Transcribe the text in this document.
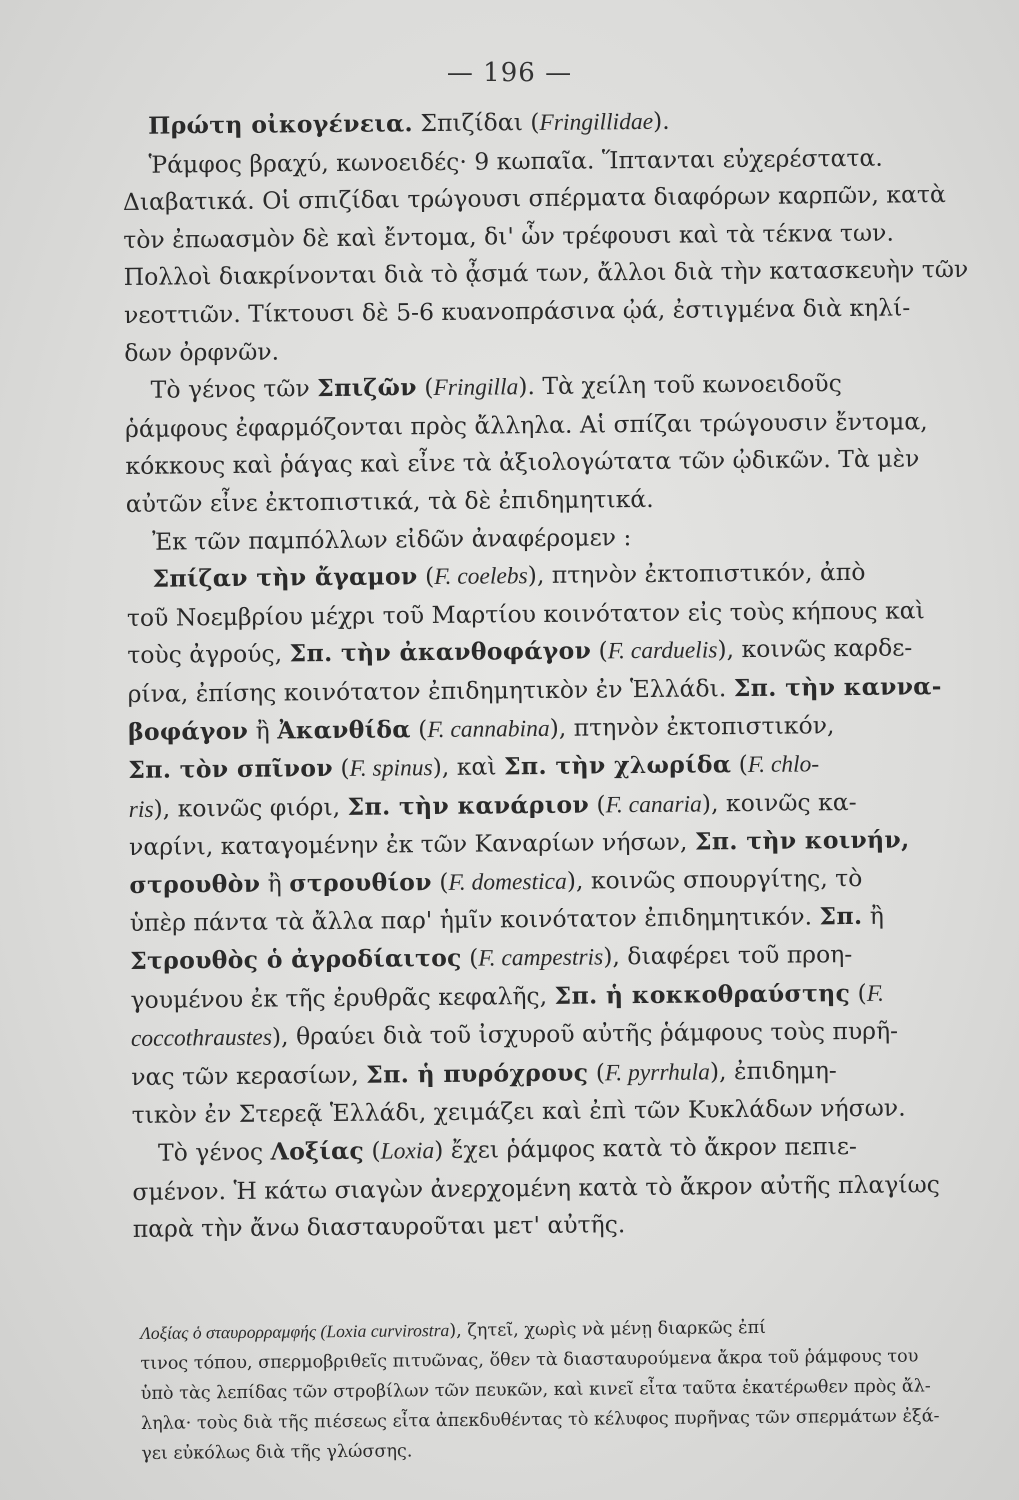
— 196 —
Πρώτη οἰκογένεια. Σπιζίδαι (Fringillidae).
Ῥάμφος βραχύ, κωνοειδές· 9 κωπαῖα. Ἵπτανται εὐχερέστατα.
Διαβατικά. Οἱ σπιζίδαι τρώγουσι σπέρματα διαφόρων καρπῶν, κατὰ
τὸν ἐπωασμὸν δὲ καὶ ἔντομα, δι' ὧν τρέφουσι καὶ τὰ τέκνα των.
Πολλοὶ διακρίνονται διὰ τὸ ᾆσμά των, ἄλλοι διὰ τὴν κατασκευὴν τῶν
νεοττιῶν. Τίκτουσι δὲ 5-6 κυανοπράσινα ᾠά, ἐστιγμένα διὰ κηλί-
δων ὀρφνῶν.
Τὸ γένος τῶν Σπιζῶν (Fringilla). Τὰ χείλη τοῦ κωνοειδοῦς
ῥάμφους ἐφαρμόζονται πρὸς ἄλληλα. Αἱ σπίζαι τρώγουσιν ἔντομα,
κόκκους καὶ ῥάγας καὶ εἶνε τὰ ἀξιολογώτατα τῶν ᾠδικῶν. Τὰ μὲν
αὐτῶν εἶνε ἐκτοπιστικά, τὰ δὲ ἐπιδημητικά.
Ἐκ τῶν παμπόλλων εἰδῶν ἀναφέρομεν :
Σπίζαν τὴν ἄγαμον (F. coelebs), πτηνὸν ἐκτοπιστικόν, ἀπὸ
τοῦ Νοεμβρίου μέχρι τοῦ Μαρτίου κοινότατον εἰς τοὺς κήπους καὶ
τοὺς ἀγρούς, Σπ. τὴν ἀκανθοφάγον (F. carduelis), κοινῶς καρδε-
ρίνα, ἐπίσης κοινότατον ἐπιδημητικὸν ἐν Ἑλλάδι. Σπ. τὴν καννα-
βοφάγον ἢ Ἀκανθίδα (F. cannabina), πτηνὸν ἐκτοπιστικόν,
Σπ. τὸν σπῖνον (F. spinus), καὶ Σπ. τὴν χλωρίδα (F. chlo-
ris), κοινῶς φιόρι, Σπ. τὴν κανάριον (F. canaria), κοινῶς κα-
ναρίνι, καταγομένην ἐκ τῶν Καναρίων νήσων, Σπ. τὴν κοινήν,
στρουθὸν ἢ στρουθίον (F. domestica), κοινῶς σπουργίτης, τὸ
ὑπὲρ πάντα τὰ ἄλλα παρ' ἡμῖν κοινότατον ἐπιδημητικόν. Σπ. ἢ
Στρουθὸς ὁ ἀγροδίαιτος (F. campestris), διαφέρει τοῦ προη-
γουμένου ἐκ τῆς ἐρυθρᾶς κεφαλῆς, Σπ. ἡ κοκκοθραύστης (F.
coccothraustes), θραύει διὰ τοῦ ἰσχυροῦ αὐτῆς ῥάμφους τοὺς πυρῆ-
νας τῶν κερασίων, Σπ. ἡ πυρόχρους (F. pyrrhula), ἐπιδημη-
τικὸν ἐν Στερεᾷ Ἑλλάδι, χειμάζει καὶ ἐπὶ τῶν Κυκλάδων νήσων.
Τὸ γένος Λοξίας (Loxia) ἔχει ῥάμφος κατὰ τὸ ἄκρον πεπιε-
σμένον. Ἡ κάτω σιαγὼν ἀνερχομένη κατὰ τὸ ἄκρον αὐτῆς πλαγίως
παρὰ τὴν ἄνω διασταυροῦται μετ' αὐτῆς.
Λοξίας ὁ σταυρορραμφής (Loxia curvirostra), ζητεῖ, χωρὶς νὰ μένῃ διαρκῶς ἐπί
τινος τόπου, σπερμοβριθεῖς πιτυῶνας, ὅθεν τὰ διασταυρούμενα ἄκρα τοῦ ῥάμφους του
ὑπὸ τὰς λεπίδας τῶν στροβίλων τῶν πευκῶν, καὶ κινεῖ εἶτα ταῦτα ἑκατέρωθεν πρὸς ἄλ-
ληλα· τοὺς διὰ τῆς πιέσεως εἶτα ἀπεκδυθέντας τὸ κέλυφος πυρῆνας τῶν σπερμάτων ἐξά-
γει εὐκόλως διὰ τῆς γλώσσης.
